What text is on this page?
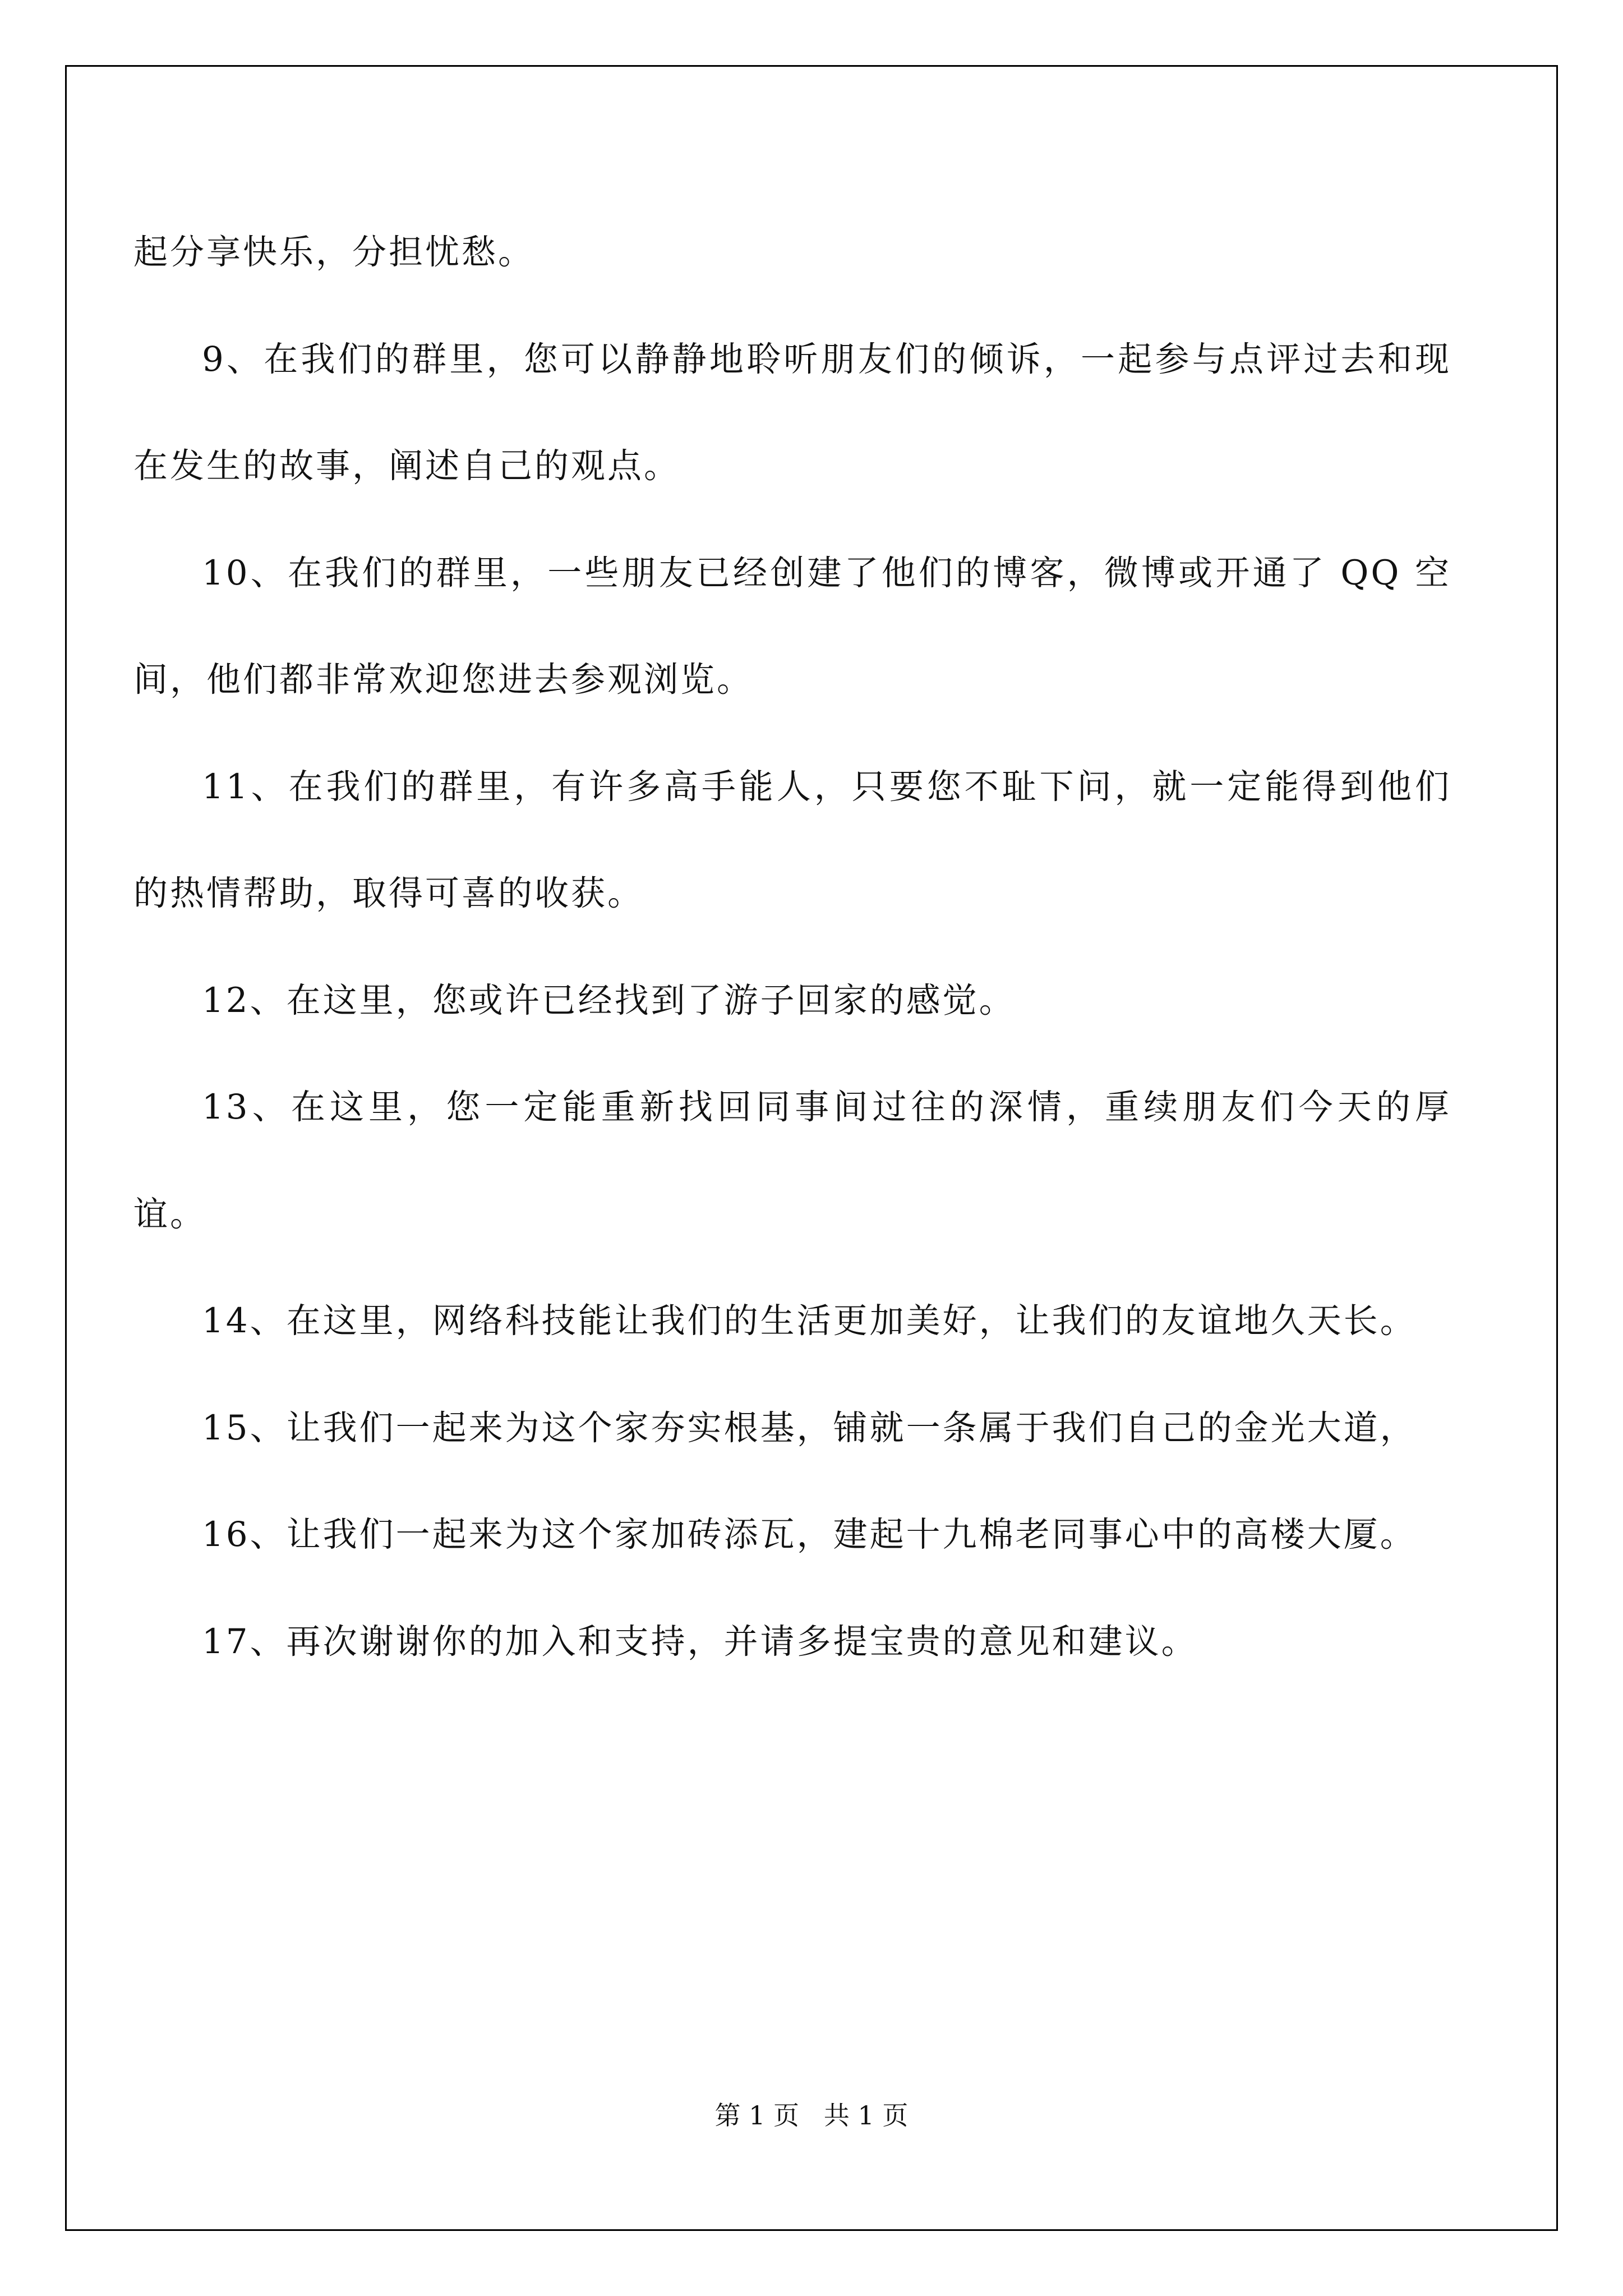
起分享快乐，分担忧愁。

9、在我们的群里，您可以静静地聆听朋友们的倾诉，一起参与点评过去和现在发生的故事，阐述自己的观点。

10、在我们的群里，一些朋友已经创建了他们的博客，微博或开通了 QQ 空间，他们都非常欢迎您进去参观浏览。

11、在我们的群里，有许多高手能人，只要您不耻下问，就一定能得到他们的热情帮助，取得可喜的收获。

12、在这里，您或许已经找到了游子回家的感觉。

13、在这里，您一定能重新找回同事间过往的深情，重续朋友们今天的厚谊。

14、在这里，网络科技能让我们的生活更加美好，让我们的友谊地久天长。

15、让我们一起来为这个家夯实根基，铺就一条属于我们自己的金光大道，

16、让我们一起来为这个家加砖添瓦，建起十九棉老同事心中的高楼大厦。

17、再次谢谢你的加入和支持，并请多提宝贵的意见和建议。

第 1 页   共 1 页
